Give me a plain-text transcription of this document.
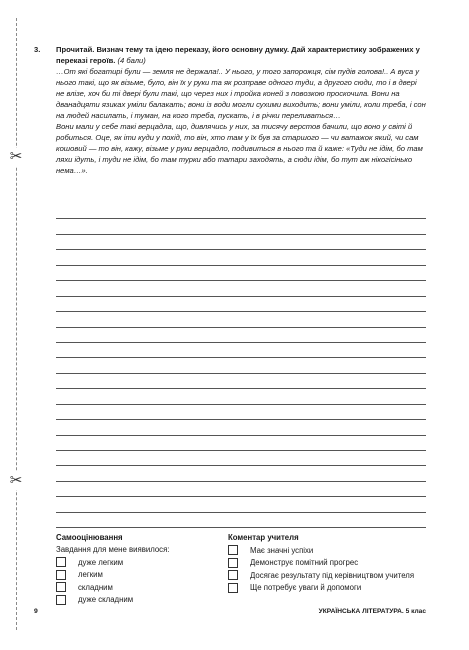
✂
✂
3. Прочитай. Визнач тему та ідею переказу, його основну думку. Дай характеристику зображених у переказі героїв. (4 бали)
…От які богатирі були — земля не держала!.. У нього, у того запорожця, сім пудів голова!.. А вуса у нього такі, що як візьме, було, він їх у руки та як розправе одного туди, а другого сюди, то і в двері не влізе, хоч би ті двері були такі, що через них і тройка коней з повозкою проскочила. Вони на дванадцяти язиках уміли балакать; вони із води могли сухими виходить; вони уміли, коли треба, і сон на людей насилать, і туман, на кого треба, пускать, і в річки переливаться…
Вони мали у себе такі верцадла, що, дивлячись у них, за тисячу верстов бачили, що воно у світі й робиться. Оце, як іти куди у похід, то він, хто там у їх був за старшого — чи ватажок який, чи сам кошовий — то він, кажу, візьме у руки верцадло, подивиться в нього та й каже: «Туди не ідім, бо там ляхи ідуть, і туди не ідім, бо там турки або татари заходять, а сюди ідім, бо тут аж нікогісінько нема…».
Самооцінювання
Завдання для мене виявилося:
дуже легким
легким
складним
дуже складним
Коментар учителя
Має значні успіхи
Демонструє помітний прогрес
Досягає результату під керівництвом учителя
Ще потребує уваги й допомоги
9	УКРАЇНСЬКА ЛІТЕРАТУРА. 5 клас
